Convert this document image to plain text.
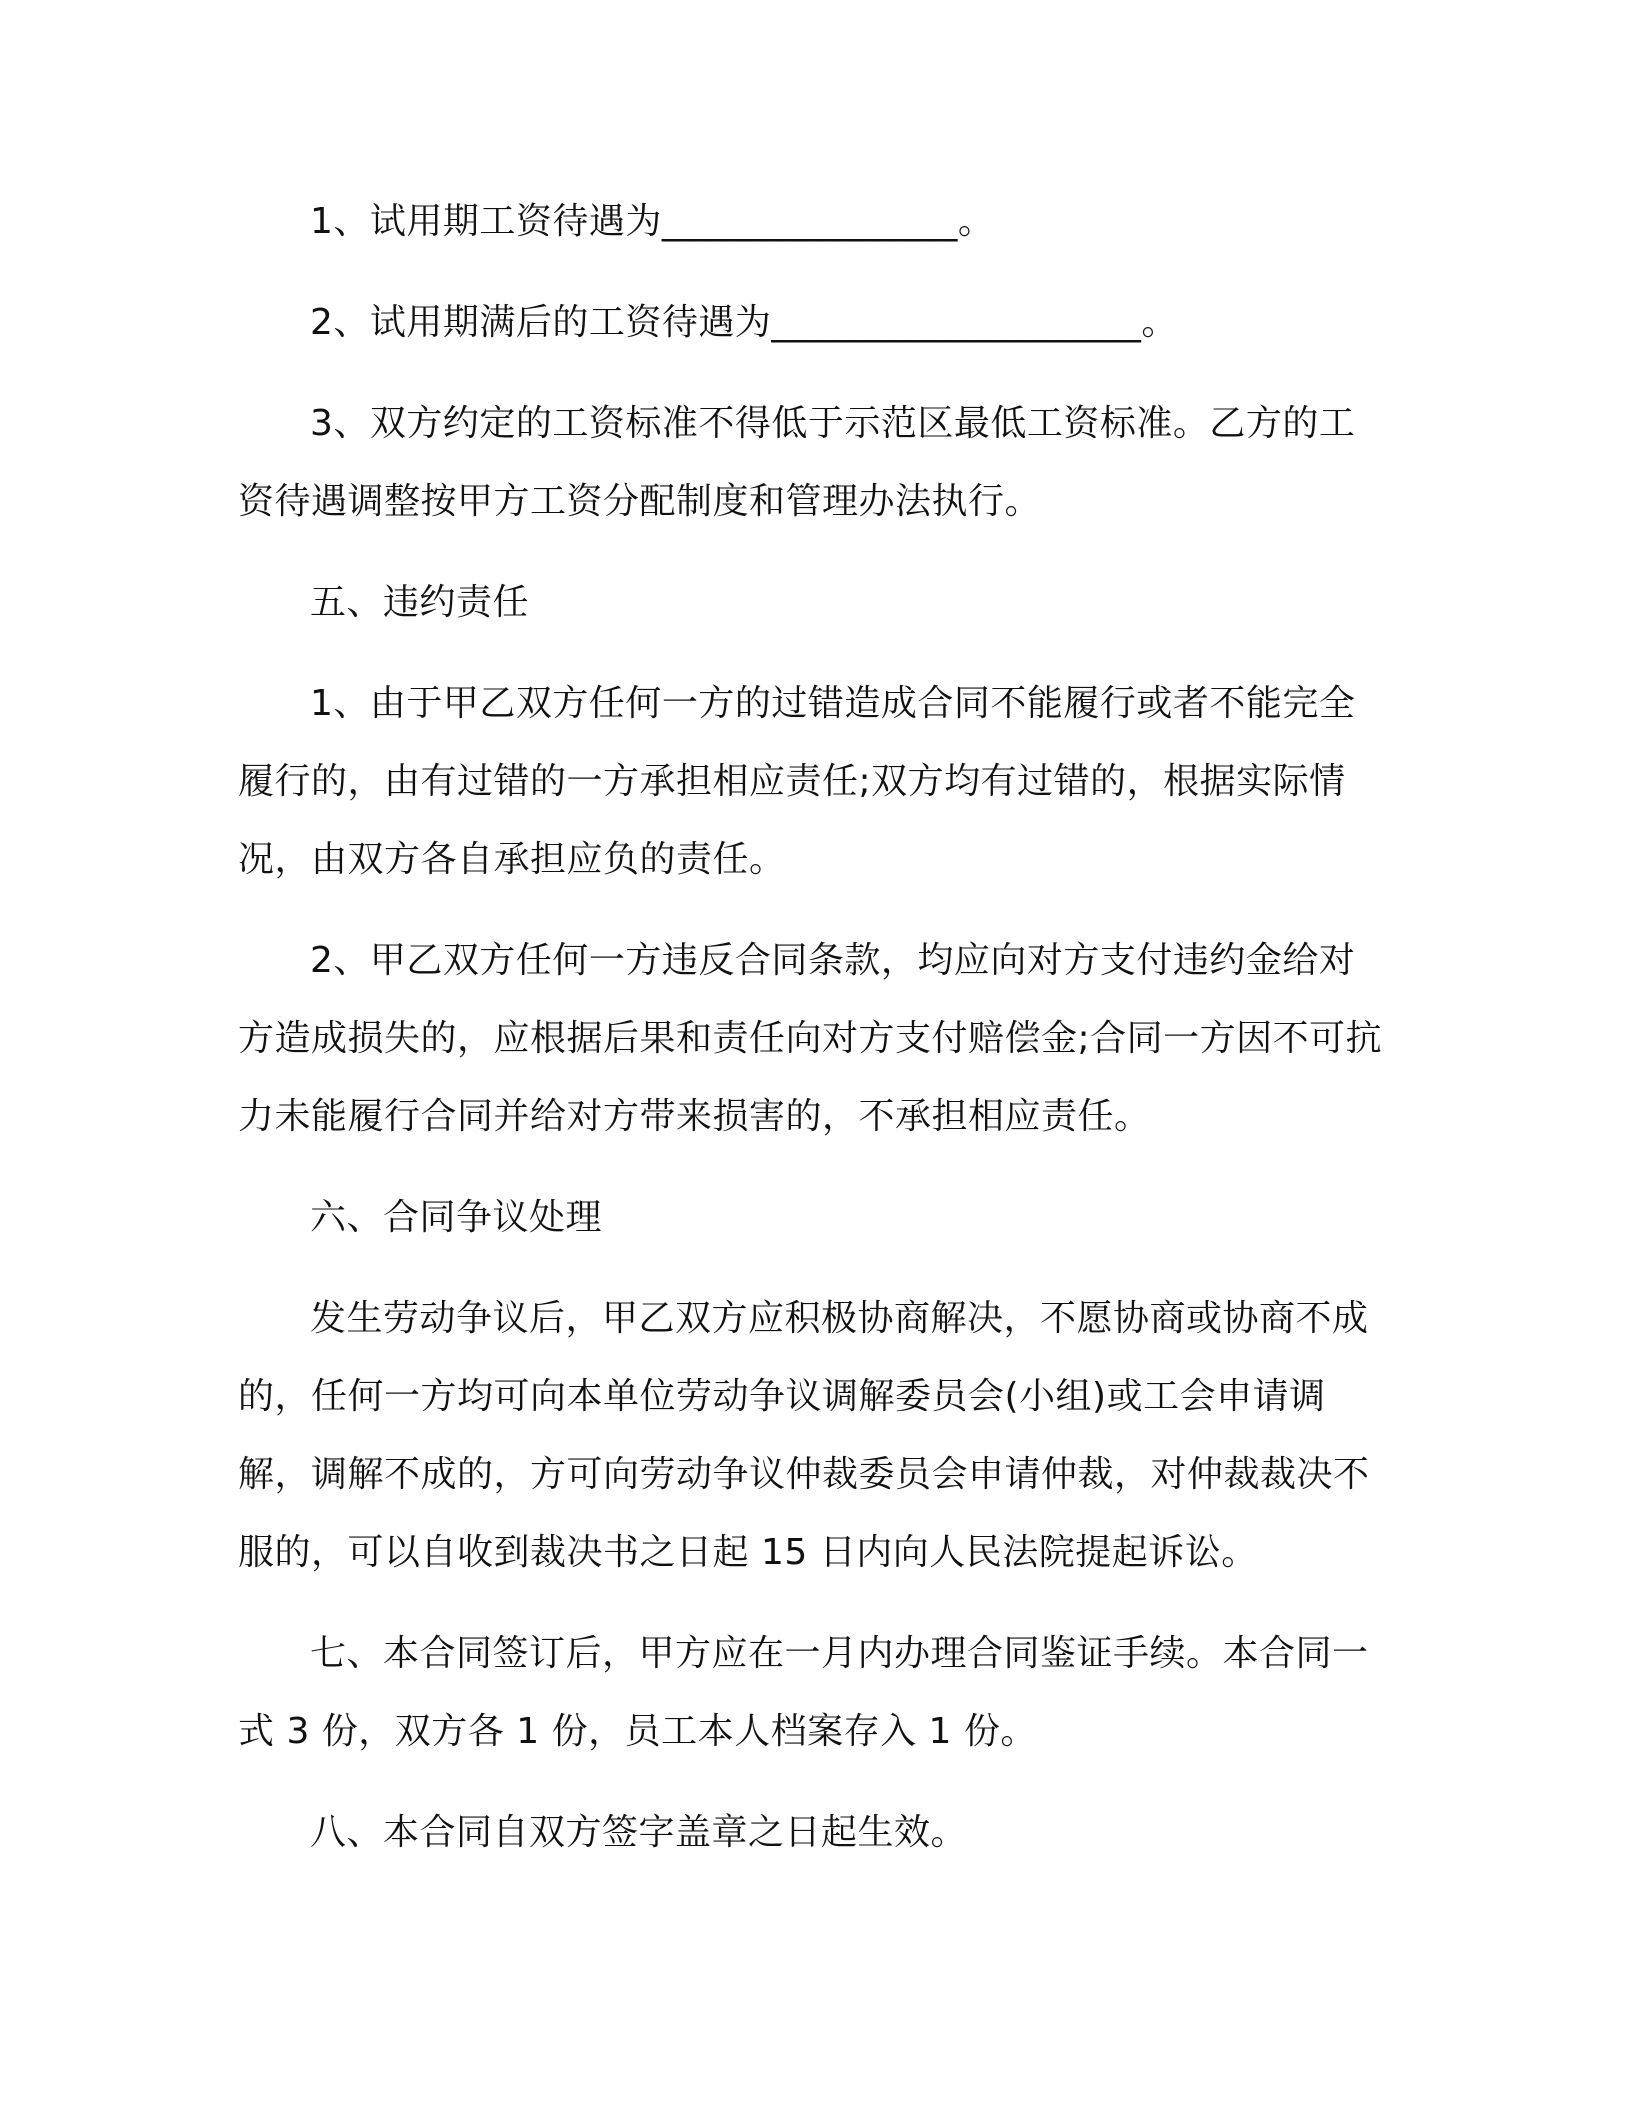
1、试用期工资待遇为________________。

2、试用期满后的工资待遇为____________________。

3、双方约定的工资标准不得低于示范区最低工资标准。乙方的工资待遇调整按甲方工资分配制度和管理办法执行。

五、违约责任

1、由于甲乙双方任何一方的过错造成合同不能履行或者不能完全履行的，由有过错的一方承担相应责任;双方均有过错的，根据实际情况，由双方各自承担应负的责任。

2、甲乙双方任何一方违反合同条款，均应向对方支付违约金给对方造成损失的，应根据后果和责任向对方支付赔偿金;合同一方因不可抗力未能履行合同并给对方带来损害的，不承担相应责任。

六、合同争议处理

发生劳动争议后，甲乙双方应积极协商解决，不愿协商或协商不成的，任何一方均可向本单位劳动争议调解委员会(小组)或工会申请调解，调解不成的，方可向劳动争议仲裁委员会申请仲裁，对仲裁裁决不服的，可以自收到裁决书之日起 15 日内向人民法院提起诉讼。

七、本合同签订后，甲方应在一月内办理合同鉴证手续。本合同一式 3 份，双方各 1 份，员工本人档案存入 1 份。

八、本合同自双方签字盖章之日起生效。
